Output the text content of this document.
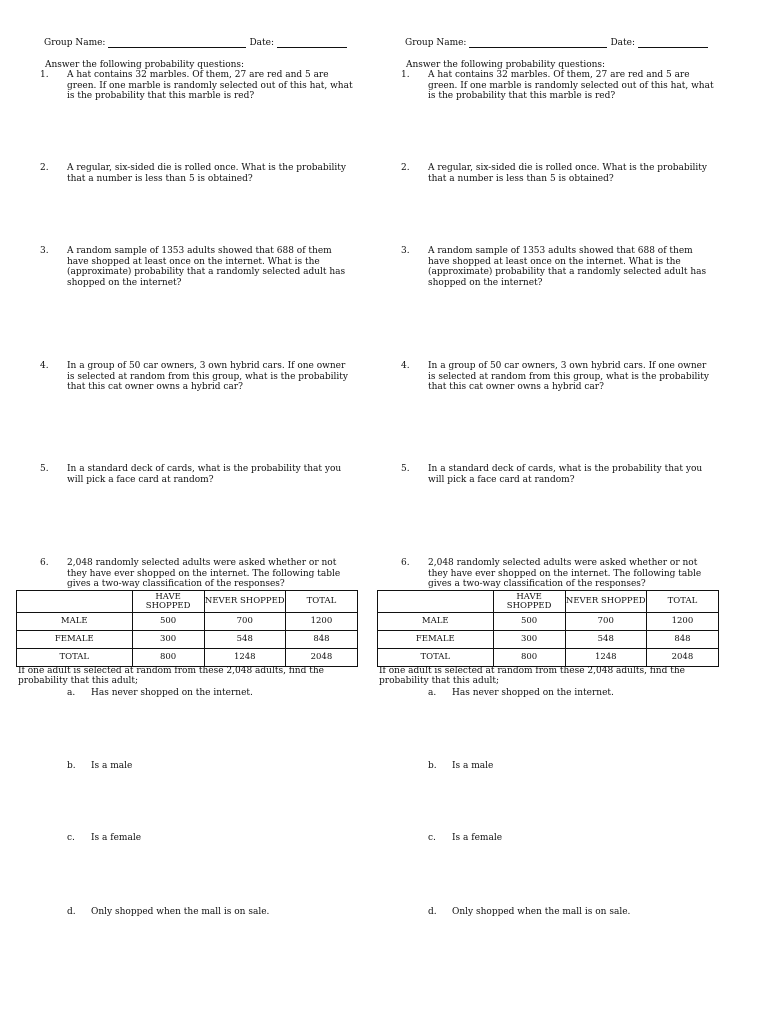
Group Name:	Date:
Answer the following probability questions:
1. A hat contains 32 marbles. Of them, 27 are red and 5 are green. If one marble is randomly selected out of this hat, what is the probability that this marble is red?
2. A regular, six-sided die is rolled once. What is the probability that a number is less than 5 is obtained?
3. A random sample of 1353 adults showed that 688 of them have shopped at least once on the internet. What is the (approximate) probability that a randomly selected adult has shopped on the internet?
4. In a group of 50 car owners, 3 own hybrid cars. If one owner is selected at random from this group, what is the probability that this cat owner owns a hybrid car?
5. In a standard deck of cards, what is the probability that you will pick a face card at random?
6. 2,048 randomly selected adults were asked whether or not they have ever shopped on the internet. The following table gives a two-way classification of the responses?
	HAVE SHOPPED	NEVER SHOPPED	TOTAL
MALE	500	700	1200
FEMALE	300	548	848
TOTAL	800	1248	2048
If one adult is selected at random from these 2,048 adults, find the probability that this adult;
a. Has never shopped on the internet.
b. Is a male
c. Is a female
d. Only shopped when the mall is on sale.
Group Name:	Date:
Answer the following probability questions:
1. A hat contains 32 marbles. Of them, 27 are red and 5 are green. If one marble is randomly selected out of this hat, what is the probability that this marble is red?
2. A regular, six-sided die is rolled once. What is the probability that a number is less than 5 is obtained?
3. A random sample of 1353 adults showed that 688 of them have shopped at least once on the internet. What is the (approximate) probability that a randomly selected adult has shopped on the internet?
4. In a group of 50 car owners, 3 own hybrid cars. If one owner is selected at random from this group, what is the probability that this cat owner owns a hybrid car?
5. In a standard deck of cards, what is the probability that you will pick a face card at random?
6. 2,048 randomly selected adults were asked whether or not they have ever shopped on the internet. The following table gives a two-way classification of the responses?
	HAVE SHOPPED	NEVER SHOPPED	TOTAL
MALE	500	700	1200
FEMALE	300	548	848
TOTAL	800	1248	2048
If one adult is selected at random from these 2,048 adults, find the probability that this adult;
a. Has never shopped on the internet.
b. Is a male
c. Is a female
d. Only shopped when the mall is on sale.
